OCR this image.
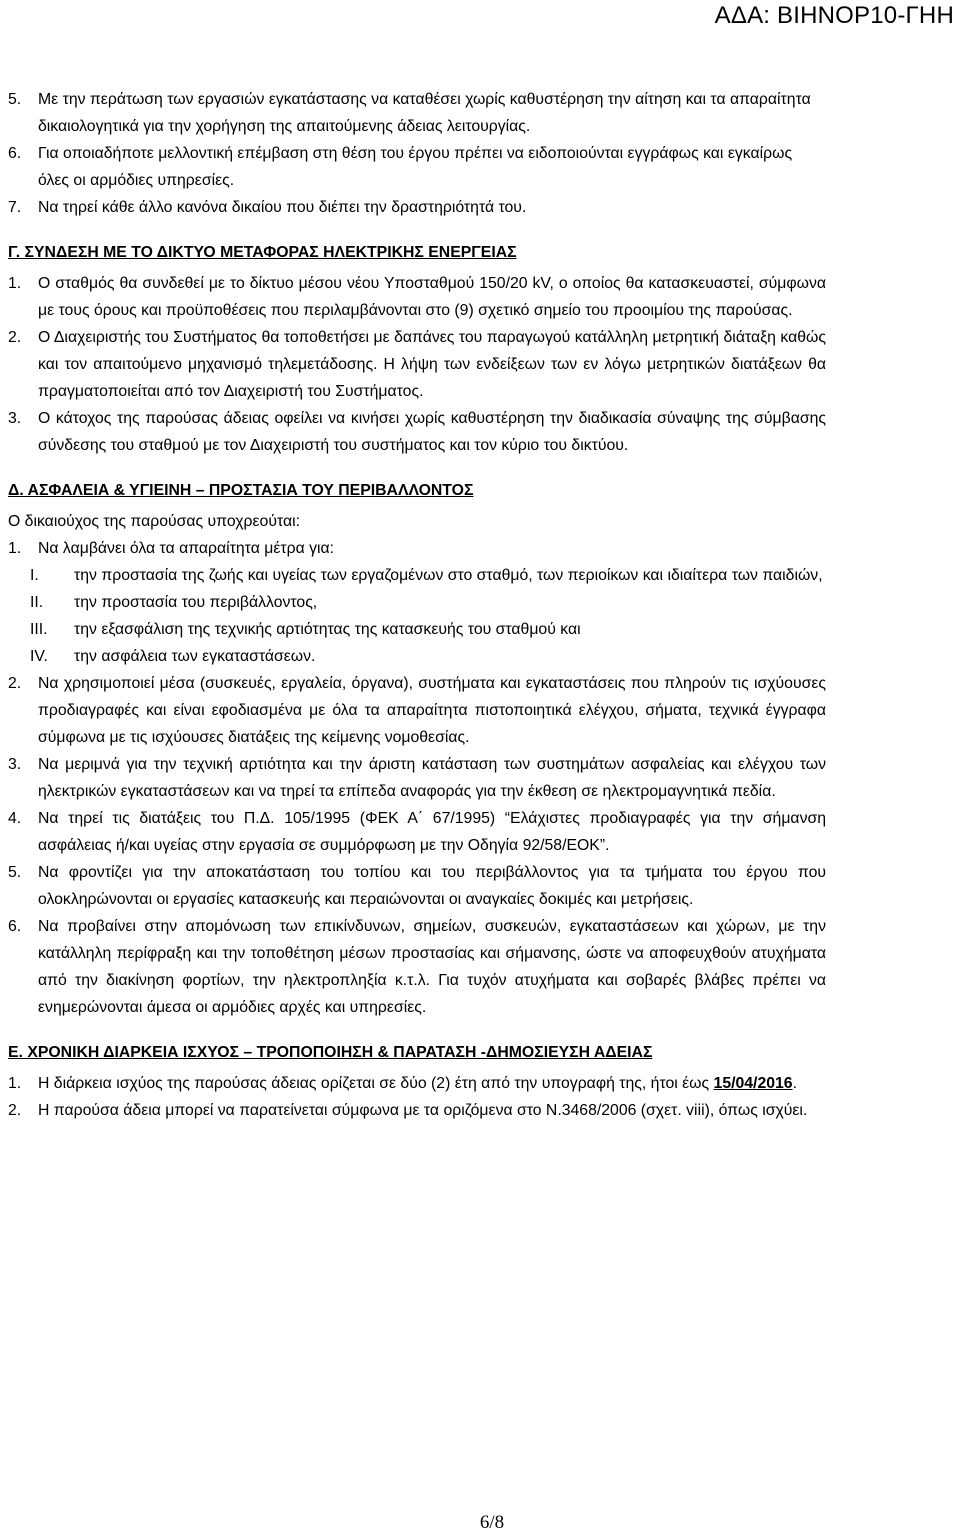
ΑΔΑ: ΒΙΗΝΟΡ10-ΓΗΗ
5.	Με την περάτωση των εργασιών εγκατάστασης να καταθέσει χωρίς καθυστέρηση την αίτηση και τα απαραίτητα δικαιολογητικά για την χορήγηση της απαιτούμενης άδειας λειτουργίας.
6.	Για οποιαδήποτε μελλοντική επέμβαση στη θέση του έργου πρέπει να ειδοποιούνται εγγράφως και εγκαίρως όλες οι αρμόδιες υπηρεσίες.
7.	Να τηρεί κάθε άλλο κανόνα δικαίου που διέπει την δραστηριότητά του.
Γ. ΣΥΝΔΕΣΗ ΜΕ ΤΟ ΔΙΚΤΥΟ ΜΕΤΑΦΟΡΑΣ ΗΛΕΚΤΡΙΚΗΣ ΕΝΕΡΓΕΙΑΣ
1.	Ο σταθμός θα συνδεθεί με το δίκτυο μέσου νέου Υποσταθμού 150/20 kV, ο οποίος θα κατασκευαστεί, σύμφωνα με τους όρους και προϋποθέσεις που περιλαμβάνονται στο (9) σχετικό σημείο του προοιμίου της παρούσας.
2.	Ο Διαχειριστής του Συστήματος θα τοποθετήσει με δαπάνες του παραγωγού κατάλληλη μετρητική διάταξη καθώς και τον απαιτούμενο μηχανισμό τηλεμετάδοσης. Η λήψη των ενδείξεων των εν λόγω μετρητικών διατάξεων θα πραγματοποιείται από τον Διαχειριστή του Συστήματος.
3.	Ο κάτοχος της παρούσας άδειας οφείλει να κινήσει χωρίς καθυστέρηση την διαδικασία σύναψης της σύμβασης σύνδεσης του σταθμού με τον Διαχειριστή του συστήματος και τον κύριο του δικτύου.
Δ. ΑΣΦΑΛΕΙΑ & ΥΓΙΕΙΝΗ – ΠΡΟΣΤΑΣΙΑ ΤΟΥ ΠΕΡΙΒΑΛΛΟΝΤΟΣ
Ο δικαιούχος της παρούσας υποχρεούται:
1.	Να λαμβάνει όλα τα απαραίτητα μέτρα για:
I.	την προστασία της ζωής και υγείας των εργαζομένων στο σταθμό, των περιοίκων και ιδιαίτερα των παιδιών,
II.	την προστασία του περιβάλλοντος,
III.	την εξασφάλιση της τεχνικής αρτιότητας της κατασκευής του σταθμού και
IV.	την ασφάλεια των εγκαταστάσεων.
2.	Να χρησιμοποιεί μέσα (συσκευές, εργαλεία, όργανα), συστήματα και εγκαταστάσεις που πληρούν τις ισχύουσες προδιαγραφές και είναι εφοδιασμένα με όλα τα απαραίτητα πιστοποιητικά ελέγχου, σήματα, τεχνικά έγγραφα σύμφωνα με τις ισχύουσες διατάξεις της κείμενης νομοθεσίας.
3.	Να μεριμνά για την τεχνική αρτιότητα και την άριστη κατάσταση των συστημάτων ασφαλείας και ελέγχου των ηλεκτρικών εγκαταστάσεων και να τηρεί τα επίπεδα αναφοράς για την έκθεση σε ηλεκτρομαγνητικά πεδία.
4.	Να τηρεί τις διατάξεις του Π.Δ. 105/1995 (ΦΕΚ Α΄ 67/1995) “Ελάχιστες προδιαγραφές για την σήμανση ασφάλειας ή/και υγείας στην εργασία σε συμμόρφωση με την Οδηγία 92/58/ΕΟΚ”.
5.	Να φροντίζει για την αποκατάσταση του τοπίου και του περιβάλλοντος για τα τμήματα του έργου που ολοκληρώνονται οι εργασίες κατασκευής και περαιώνονται οι αναγκαίες δοκιμές και μετρήσεις.
6.	Να προβαίνει στην απομόνωση των επικίνδυνων, σημείων, συσκευών, εγκαταστάσεων και χώρων, με την κατάλληλη περίφραξη και την τοποθέτηση μέσων προστασίας και σήμανσης, ώστε να αποφευχθούν ατυχήματα από την διακίνηση φορτίων, την ηλεκτροπληξία κ.τ.λ. Για τυχόν ατυχήματα και σοβαρές βλάβες πρέπει να ενημερώνονται άμεσα οι αρμόδιες αρχές και υπηρεσίες.
Ε. ΧΡΟΝΙΚΗ ΔΙΑΡΚΕΙΑ ΙΣΧΥΟΣ – ΤΡΟΠΟΠΟΙΗΣΗ & ΠΑΡΑΤΑΣΗ -ΔΗΜΟΣΙΕΥΣΗ ΑΔΕΙΑΣ
1.	Η διάρκεια ισχύος της παρούσας άδειας ορίζεται σε δύο (2) έτη από την υπογραφή της, ήτοι έως 15/04/2016.
2.	Η παρούσα άδεια μπορεί να παρατείνεται σύμφωνα με τα οριζόμενα στο Ν.3468/2006 (σχετ. viii), όπως ισχύει.
6/8
